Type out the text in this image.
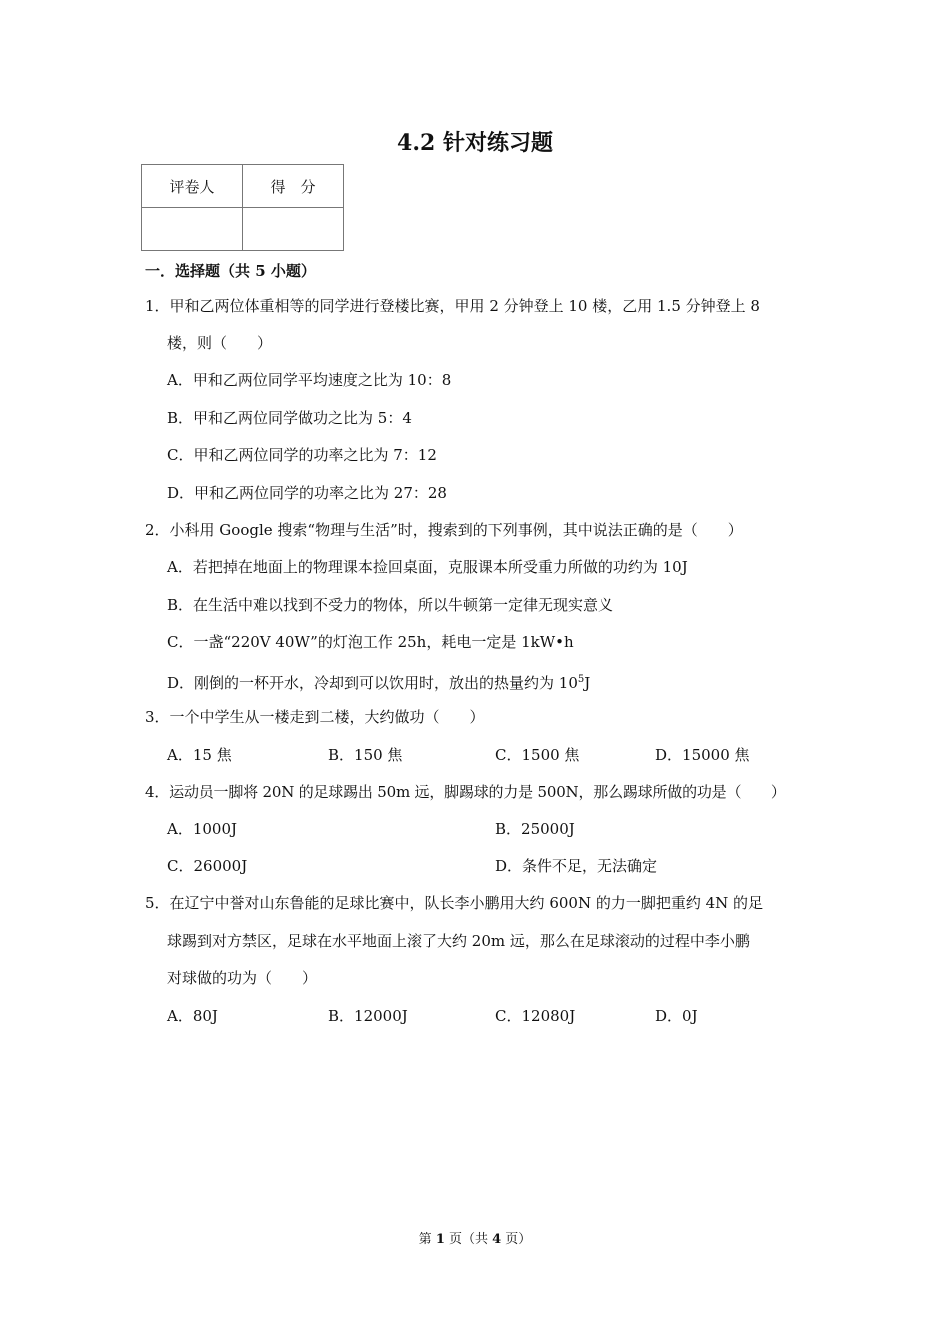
4.2 针对练习题
评卷人	得　分

一．选择题（共 5 小题）
1．甲和乙两位体重相等的同学进行登楼比赛，甲用 2 分钟登上 10 楼，乙用 1.5 分钟登上 8
楼，则（　　）
A．甲和乙两位同学平均速度之比为 10：8
B．甲和乙两位同学做功之比为 5：4
C．甲和乙两位同学的功率之比为 7：12
D．甲和乙两位同学的功率之比为 27：28
2．小科用 Google 搜索“物理与生活”时，搜索到的下列事例，其中说法正确的是（　　）
A．若把掉在地面上的物理课本捡回桌面，克服课本所受重力所做的功约为 10J
B．在生活中难以找到不受力的物体，所以牛顿第一定律无现实意义
C．一盏“220V 40W”的灯泡工作 25h，耗电一定是 1kW•h
D．刚倒的一杯开水，冷却到可以饮用时，放出的热量约为 $10^5J$
3．一个中学生从一楼走到二楼，大约做功（　　）
A．15 焦	B．150 焦	C．1500 焦	D．15000 焦
4．运动员一脚将 20N 的足球踢出 50m 远，脚踢球的力是 500N，那么踢球所做的功是（　　）
A．1000J	B．25000J
C．26000J	D．条件不足，无法确定
5．在辽宁中誉对山东鲁能的足球比赛中，队长李小鹏用大约 600N 的力一脚把重约 4N 的足
球踢到对方禁区，足球在水平地面上滚了大约 20m 远，那么在足球滚动的过程中李小鹏
对球做的功为（　　）
A．80J	B．12000J	C．12080J	D．0J
第 1 页（共 4 页）
